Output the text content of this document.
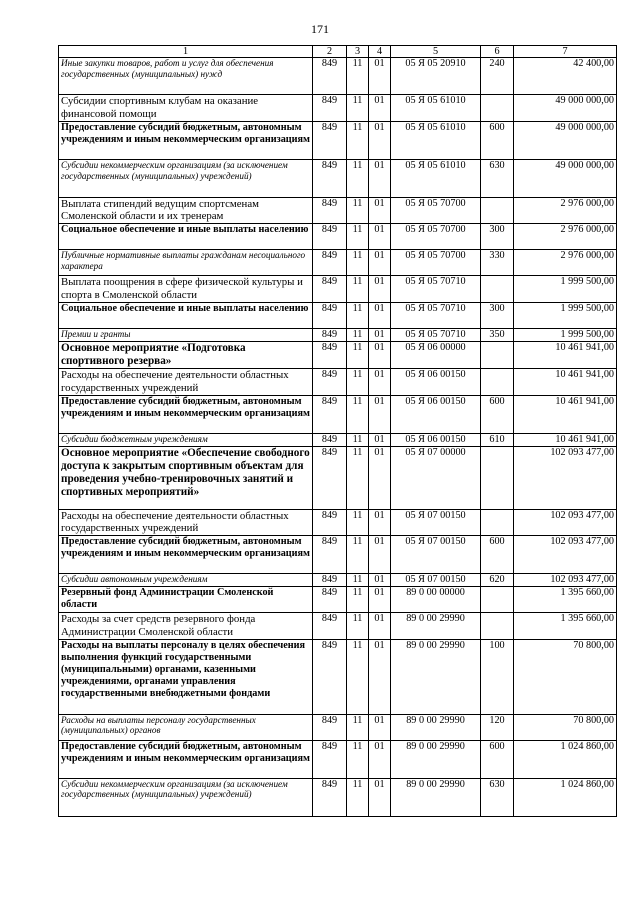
171
1	2	3	4	5	6	7
Иные закупки товаров, работ и услуг для обеспечения государственных (муниципальных) нужд	849	11	01	05 Я 05 20910	240	42 400,00
Субсидии спортивным клубам на оказание финансовой помощи	849	11	01	05 Я 05 61010		49 000 000,00
Предоставление субсидий бюджетным, автономным учреждениям и иным некоммерческим организациям	849	11	01	05 Я 05 61010	600	49 000 000,00
Субсидии некоммерческим организациям (за исключением государственных (муниципальных) учреждений)	849	11	01	05 Я 05 61010	630	49 000 000,00
Выплата стипендий ведущим спортсменам Смоленской области и их тренерам	849	11	01	05 Я 05 70700		2 976 000,00
Социальное обеспечение и иные выплаты населению	849	11	01	05 Я 05 70700	300	2 976 000,00
Публичные нормативные выплаты гражданам несоциального характера	849	11	01	05 Я 05 70700	330	2 976 000,00
Выплата поощрения в сфере физической культуры и спорта в Смоленской области	849	11	01	05 Я 05 70710		1 999 500,00
Социальное обеспечение и иные выплаты населению	849	11	01	05 Я 05 70710	300	1 999 500,00
Премии и гранты	849	11	01	05 Я 05 70710	350	1 999 500,00
Основное мероприятие «Подготовка спортивного резерва»	849	11	01	05 Я 06 00000		10 461 941,00
Расходы на обеспечение деятельности областных государственных учреждений	849	11	01	05 Я 06 00150		10 461 941,00
Предоставление субсидий бюджетным, автономным учреждениям и иным некоммерческим организациям	849	11	01	05 Я 06 00150	600	10 461 941,00
Субсидии бюджетным учреждениям	849	11	01	05 Я 06 00150	610	10 461 941,00
Основное мероприятие «Обеспечение свободного доступа к закрытым спортивным объектам для проведения учебно-тренировочных занятий и спортивных мероприятий»	849	11	01	05 Я 07 00000		102 093 477,00
Расходы на обеспечение деятельности областных государственных учреждений	849	11	01	05 Я 07 00150		102 093 477,00
Предоставление субсидий бюджетным, автономным учреждениям и иным некоммерческим организациям	849	11	01	05 Я 07 00150	600	102 093 477,00
Субсидии автономным учреждениям	849	11	01	05 Я 07 00150	620	102 093 477,00
Резервный фонд Администрации Смоленской области	849	11	01	89 0 00 00000		1 395 660,00
Расходы за счет средств резервного фонда Администрации Смоленской области	849	11	01	89 0 00 29990		1 395 660,00
Расходы на выплаты персоналу в целях обеспечения выполнения функций государственными (муниципальными) органами, казенными учреждениями, органами управления государственными внебюджетными фондами	849	11	01	89 0 00 29990	100	70 800,00
Расходы на выплаты персоналу государственных (муниципальных) органов	849	11	01	89 0 00 29990	120	70 800,00
Предоставление субсидий бюджетным, автономным учреждениям и иным некоммерческим организациям	849	11	01	89 0 00 29990	600	1 024 860,00
Субсидии некоммерческим организациям (за исключением государственных (муниципальных) учреждений)	849	11	01	89 0 00 29990	630	1 024 860,00
